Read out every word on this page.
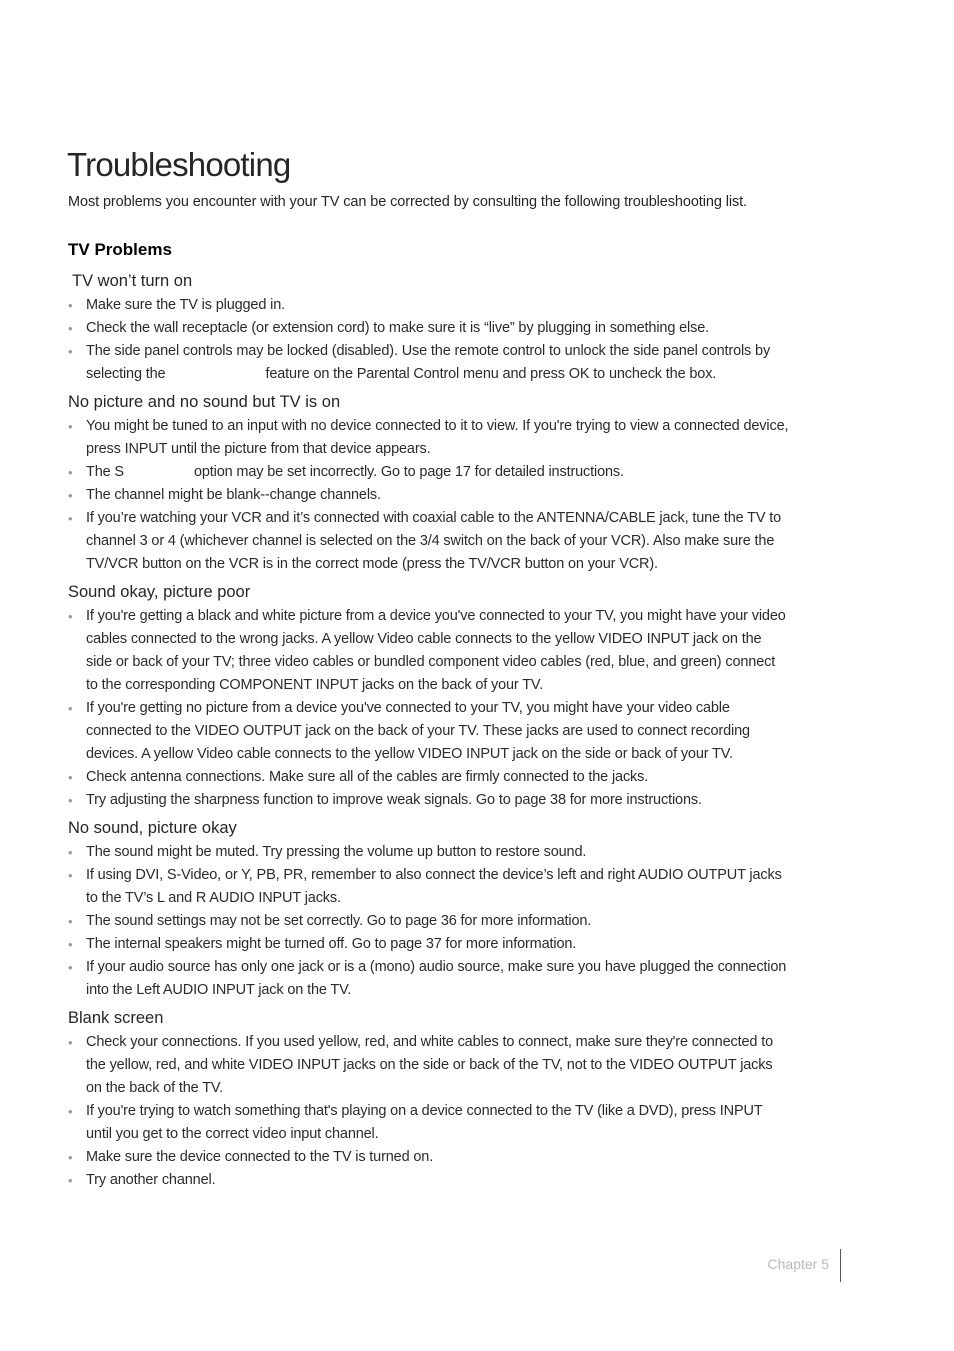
Troubleshooting

Most problems you encounter with your TV can be corrected by consulting the following troubleshooting list.

TV Problems
TV won’t turn on
• Make sure the TV is plugged in.
• Check the wall receptacle (or extension cord) to make sure it is “live” by plugging in something else.
• The side panel controls may be locked (disabled). Use the remote control to unlock the side panel controls by selecting the	feature on the Parental Control menu and press OK to uncheck the box.
No picture and no sound but TV is on
• You might be tuned to an input with no device connected to it to view. If you're trying to view a connected device, press INPUT until the picture from that device appears.
• The S	option may be set incorrectly. Go to page 17 for detailed instructions.
• The channel might be blank--change channels.
• If you’re watching your VCR and it’s connected with coaxial cable to the ANTENNA/CABLE jack, tune the TV to channel 3 or 4 (whichever channel is selected on the 3/4 switch on the back of your VCR). Also make sure the TV/VCR button on the VCR is in the correct mode (press the TV/VCR button on your VCR).
Sound okay, picture poor
• If you're getting a black and white picture from a device you've connected to your TV, you might have your video cables connected to the wrong jacks. A yellow Video cable connects to the yellow VIDEO INPUT jack on the side or back of your TV; three video cables or bundled component video cables (red, blue, and green) connect to the corresponding COMPONENT INPUT jacks on the back of your TV.
• If you're getting no picture from a device you've connected to your TV, you might have your video cable connected to the VIDEO OUTPUT jack on the back of your TV. These jacks are used to connect recording devices. A yellow Video cable connects to the yellow VIDEO INPUT jack on the side or back of your TV.
• Check antenna connections. Make sure all of the cables are firmly connected to the jacks.
• Try adjusting the sharpness function to improve weak signals. Go to page 38 for more instructions.
No sound, picture okay
• The sound might be muted. Try pressing the volume up button to restore sound.
• If using DVI, S-Video, or Y, PB, PR, remember to also connect the device’s left and right AUDIO OUTPUT jacks to the TV’s L and R AUDIO INPUT jacks.
• The sound settings may not be set correctly. Go to page 36 for more information.
• The internal speakers might be turned off. Go to page 37 for more information.
• If your audio source has only one jack or is a (mono) audio source, make sure you have plugged the connection into the Left AUDIO INPUT jack on the TV.
Blank screen
• Check your connections. If you used yellow, red, and white cables to connect, make sure they're connected to the yellow, red, and white VIDEO INPUT jacks on the side or back of the TV, not to the VIDEO OUTPUT jacks on the back of the TV.
• If you're trying to watch something that's playing on a device connected to the TV (like a DVD), press INPUT until you get to the correct video input channel.
• Make sure the device connected to the TV is turned on.
• Try another channel.
Chapter 5
